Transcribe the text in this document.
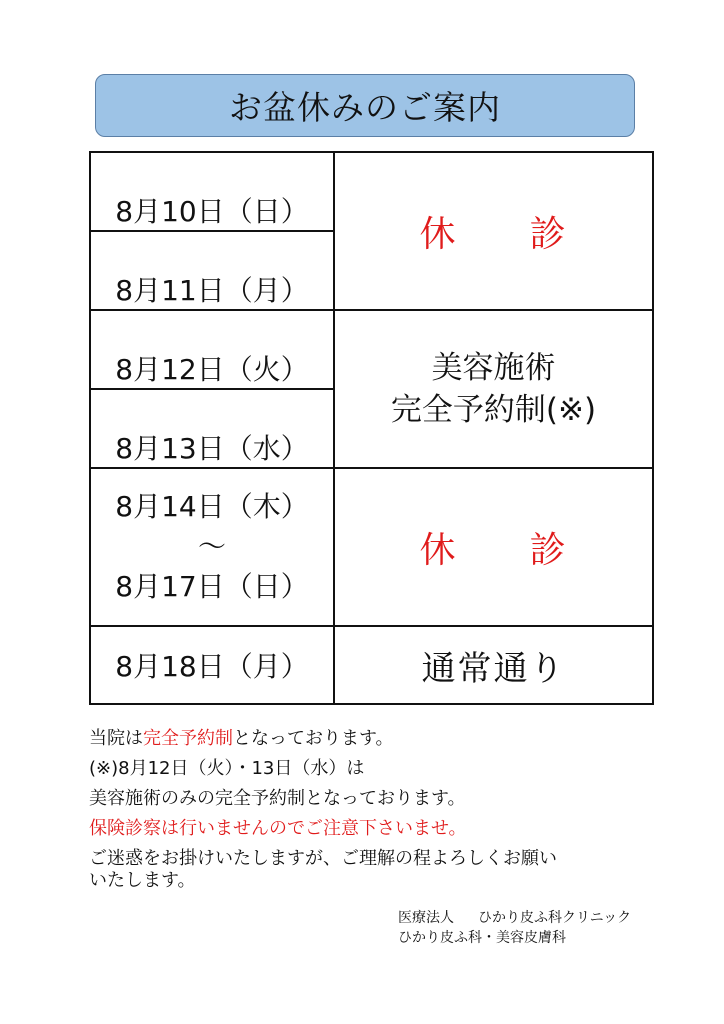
お盆休みのご案内
8月10日（日）	休 診
8月11日（月）	
8月12日（火）	美容施術
完全予約制(※)

8月13日（水）	

8月14日（木）
～
8月17日（日）	休 診
8月18日（月）	通常通り

当院は完全予約制となっております。

(※)8月12日（火）・13日（水）は

美容施術のみの完全予約制となっております。

保険診察は行いませんのでご注意下さいませ。

ご迷惑をお掛けいたしますが、ご理解の程よろしくお願い
いたします。

医療法人 ひかり皮ふ科クリニック
ひかり皮ふ科・美容皮膚科
